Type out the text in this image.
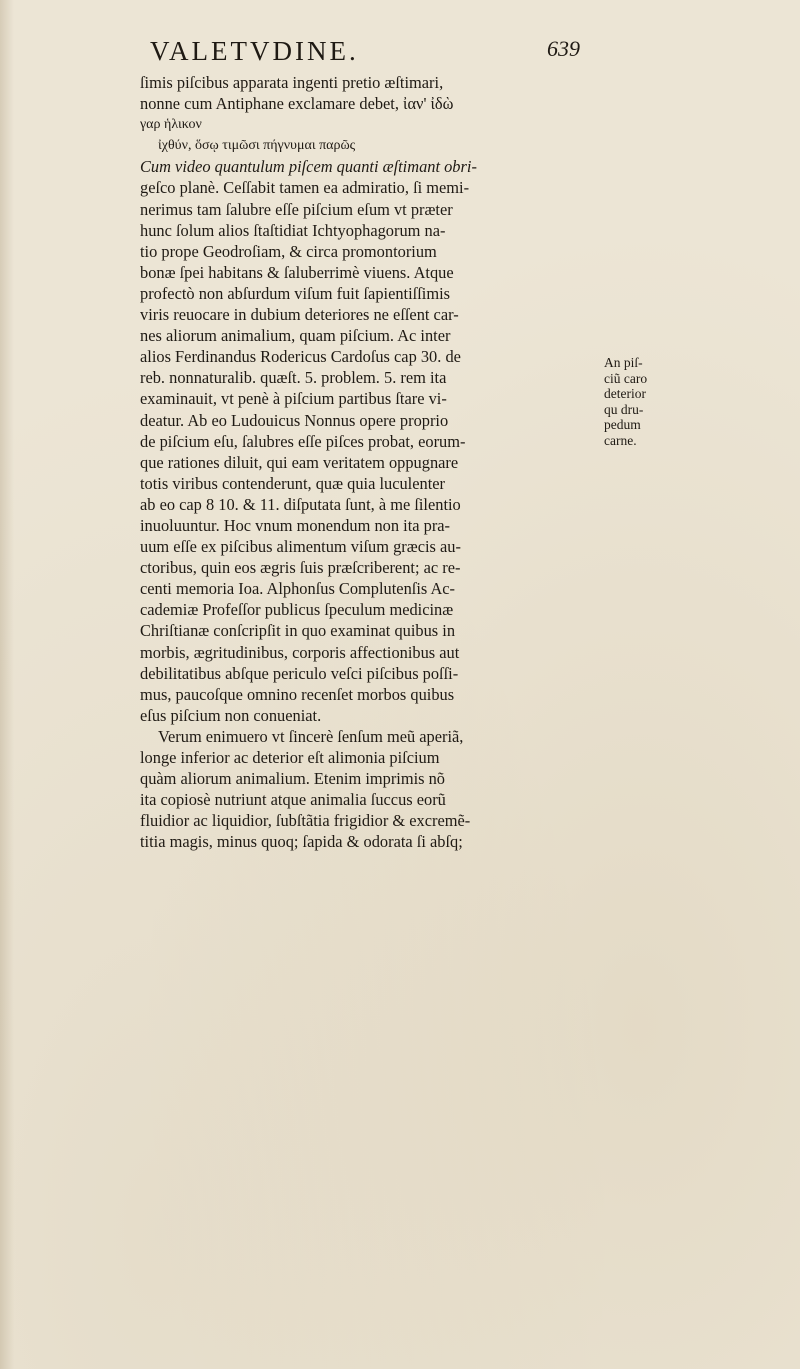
VALETVDINE.	639
ſimis piſcibus apparata ingenti pretio æſtimari,
nonne cum Antiphane exclamare debet, ἰαν' ἰδὼ
γαρ ἡλικον
ἰχθύν, ὅσῳ τιμῶσι πήγνυμαι παρῶς
Cum video quantulum piſcem quanti æſtimant obri-
geſco planè. Ceſſabit tamen ea admiratio, ſi memi-
nerimus tam ſalubre eſſe piſcium eſum vt præter
hunc ſolum alios ſtaſtidiat Ichtyophagorum na-
tio prope Geodroſiam, & circa promontorium
bonæ ſpei habitans & ſaluberrimè viuens. Atque
profectò non abſurdum viſum fuit ſapientiſſimis
viris reuocare in dubium deteriores ne eſſent car-
nes aliorum animalium, quam piſcium. Ac inter
alios Ferdinandus Rodericus Cardoſus cap 30. de
reb. nonnaturalib. quæſt. 5. problem. 5. rem ita
examinauit, vt penè à piſcium partibus ſtare vi-
deatur. Ab eo Ludouicus Nonnus opere proprio
de piſcium eſu, ſalubres eſſe piſces probat, eorum-
que rationes diluit, qui eam veritatem oppugnare
totis viribus contenderunt, quæ quia luculenter
ab eo cap 8 10. & 11. diſputata ſunt, à me ſilentio
inuoluuntur. Hoc vnum monendum non ita pra-
uum eſſe ex piſcibus alimentum viſum græcis au-
ctoribus, quin eos ægris ſuis præſcriberent; ac re-
centi memoria Ioa. Alphonſus Complutenſis Ac-
cademiæ Profeſſor publicus ſpeculum medicinæ
Chriſtianæ conſcripſit in quo examinat quibus in
morbis, ægritudinibus, corporis affectionibus aut
debilitatibus abſque periculo veſci piſcibus poſſi-
mus, paucoſque omnino recenſet morbos quibus
eſus piſcium non conueniat.
Verum enimuero vt ſincerè ſenſum meũ aperiã,
longe inferior ac deterior eſt alimonia piſcium
quàm aliorum animalium. Etenim imprimis nõ
ita copiosè nutriunt atque animalia ſuccus eorũ
fluidior ac liquidior, ſubſtãtia frigidior & excremẽ-
titia magis, minus quoq; ſapida & odorata ſi abſq;
An piſ-
ciũ caro
deterior
qu dru-
pedum
carne.
